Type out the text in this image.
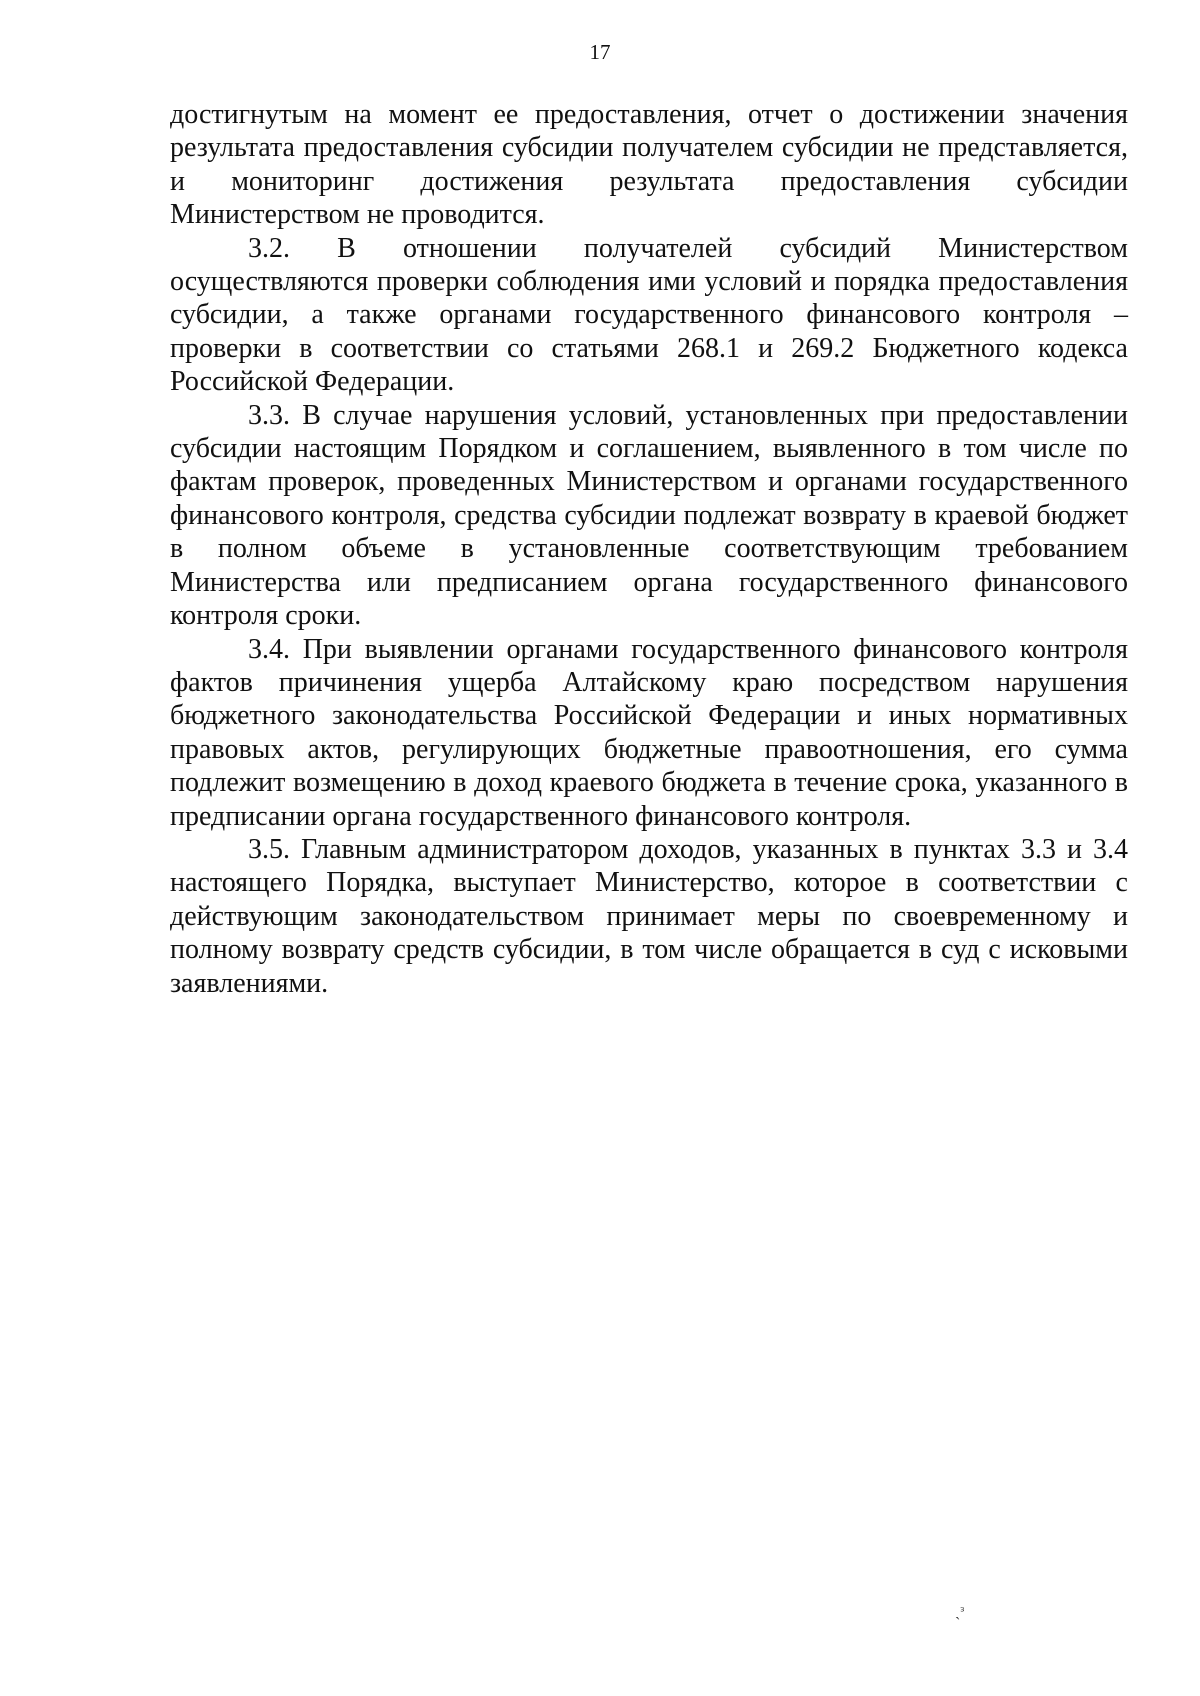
17

достигнутым на момент ее предоставления, отчет о достижении значения результата предоставления субсидии получателем субсидии не представляется, и мониторинг достижения результата предоставления субсидии Министерством не проводится.

3.2. В отношении получателей субсидий Министерством осуществляются проверки соблюдения ими условий и порядка предоставления субсидии, а также органами государственного финансового контроля – проверки в соответствии со статьями 268.1 и 269.2 Бюджетного кодекса Российской Федерации.

3.3. В случае нарушения условий, установленных при предоставлении субсидии настоящим Порядком и соглашением, выявленного в том числе по фактам проверок, проведенных Министерством и органами государственного финансового контроля, средства субсидии подлежат возврату в краевой бюджет в полном объеме в установленные соответствующим требованием Министерства или предписанием органа государственного финансового контроля сроки.

3.4. При выявлении органами государственного финансового контроля фактов причинения ущерба Алтайскому краю посредством нарушения бюджетного законодательства Российской Федерации и иных нормативных правовых актов, регулирующих бюджетные правоотношения, его сумма подлежит возмещению в доход краевого бюджета в течение срока, указанного в предписании органа государственного финансового контроля.

3.5. Главным администратором доходов, указанных в пунктах 3.3 и 3.4 настоящего Порядка, выступает Министерство, которое в соответствии с действующим законодательством принимает меры по своевременному и полному возврату средств субсидии, в том числе обращается в суд с исковыми заявлениями.

ˎᵌ
